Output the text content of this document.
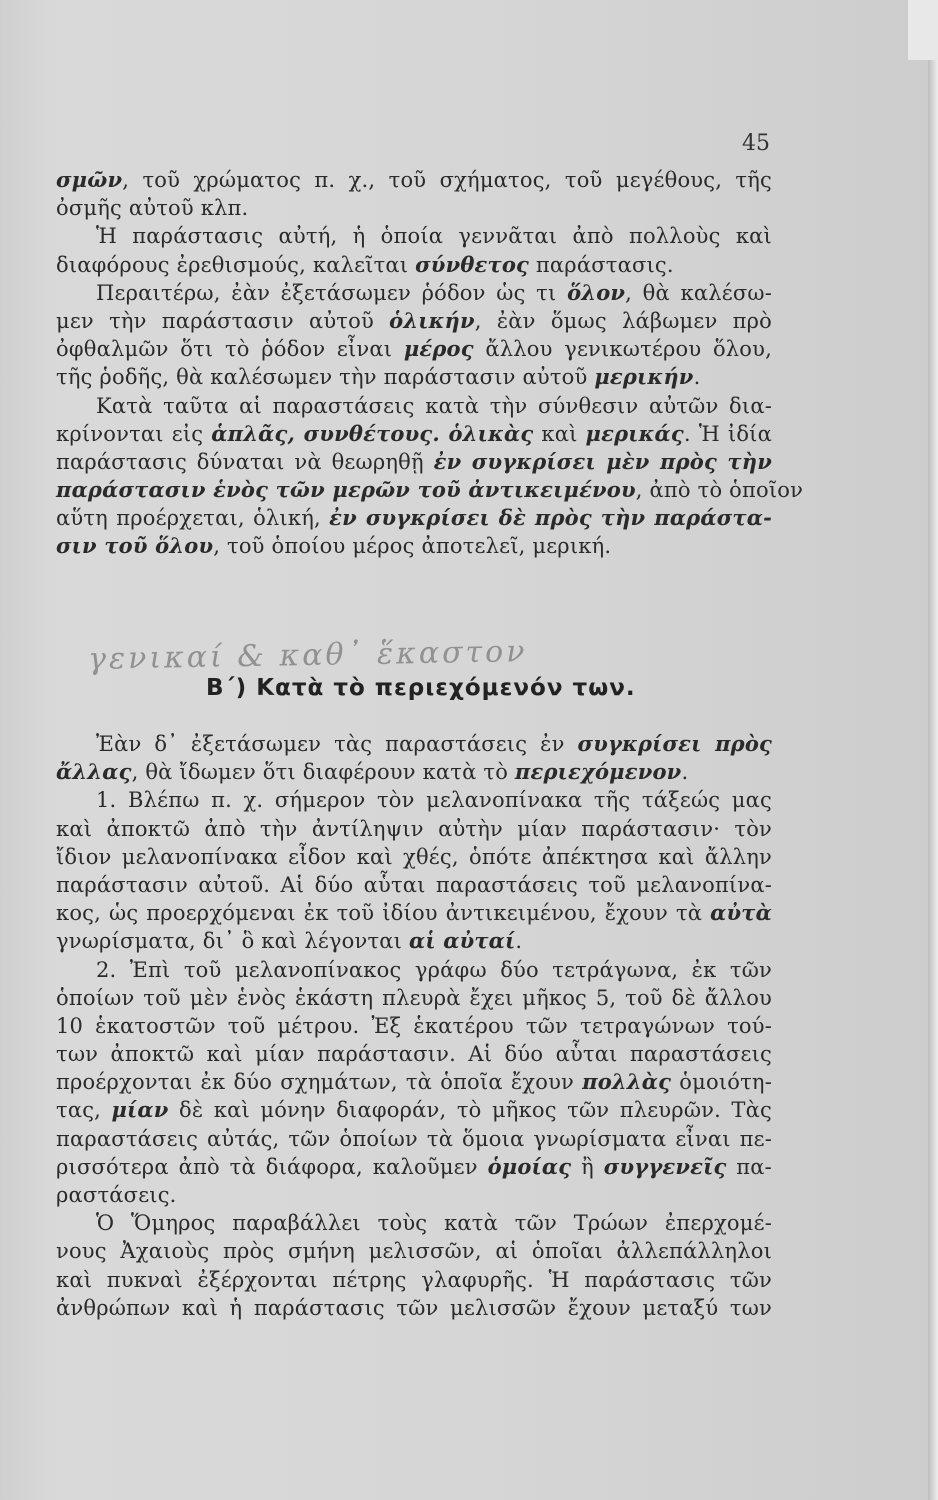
45
σμῶν, τοῦ χρώματος π. χ., τοῦ σχήματος, τοῦ μεγέθους, τῆς
ὀσμῆς αὐτοῦ κλπ.
Ἡ παράστασις αὐτή, ἡ ὁποία γεννᾶται ἀπὸ πολλοὺς καὶ
διαφόρους ἐρεθισμούς, καλεῖται σύνθετος παράστασις.
Περαιτέρω, ἐὰν ἐξετάσωμεν ῥόδον ὡς τι ὅλον, θὰ καλέσω-
μεν τὴν παράστασιν αὐτοῦ ὁλικήν, ἐὰν ὅμως λάβωμεν πρὸ
ὀφθαλμῶν ὅτι τὸ ῥόδον εἶναι μέρος ἄλλου γενικωτέρου ὅλου,
τῆς ῥοδῆς, θὰ καλέσωμεν τὴν παράστασιν αὐτοῦ μερικήν.
Κατὰ ταῦτα αἱ παραστάσεις κατὰ τὴν σύνθεσιν αὐτῶν δια-
κρίνονται εἰς ἁπλᾶς, συνθέτους. ὁλικὰς καὶ μερικάς. Ἡ ἰδία
παράστασις δύναται νὰ θεωρηθῇ ἐν συγκρίσει μὲν πρὸς τὴν
παράστασιν ἑνὸς τῶν μερῶν τοῦ ἀντικειμένου, ἀπὸ τὸ ὁποῖον
αὕτη προέρχεται, ὁλική, ἐν συγκρίσει δὲ πρὸς τὴν παράστα-
σιν τοῦ ὅλου, τοῦ ὁποίου μέρος ἀποτελεῖ, μερική.
γενικαί & καθ᾽ ἕκαστον
Β΄) Κατὰ τὸ περιεχόμενόν των.
Ἐὰν δ᾽ ἐξετάσωμεν τὰς παραστάσεις ἐν συγκρίσει πρὸς
ἄλλας, θὰ ἴδωμεν ὅτι διαφέρουν κατὰ τὸ περιεχόμενον.
1. Βλέπω π. χ. σήμερον τὸν μελανοπίνακα τῆς τάξεώς μας
καὶ ἀποκτῶ ἀπὸ τὴν ἀντίληψιν αὐτὴν μίαν παράστασιν· τὸν
ἴδιον μελανοπίνακα εἶδον καὶ χθές, ὁπότε ἀπέκτησα καὶ ἄλλην
παράστασιν αὐτοῦ. Αἱ δύο αὗται παραστάσεις τοῦ μελανοπίνα-
κος, ὡς προερχόμεναι ἐκ τοῦ ἰδίου ἀντικειμένου, ἔχουν τὰ αὐτὰ
γνωρίσματα, δι᾽ ὃ καὶ λέγονται αἱ αὐταί.
2. Ἐπὶ τοῦ μελανοπίνακος γράφω δύο τετράγωνα, ἐκ τῶν
ὁποίων τοῦ μὲν ἑνὸς ἑκάστη πλευρὰ ἔχει μῆκος 5, τοῦ δὲ ἄλλου
10 ἑκατοστῶν τοῦ μέτρου. Ἐξ ἑκατέρου τῶν τετραγώνων τού-
των ἀποκτῶ καὶ μίαν παράστασιν. Αἱ δύο αὗται παραστάσεις
προέρχονται ἐκ δύο σχημάτων, τὰ ὁποῖα ἔχουν πολλὰς ὁμοιότη-
τας, μίαν δὲ καὶ μόνην διαφοράν, τὸ μῆκος τῶν πλευρῶν. Τὰς
παραστάσεις αὐτάς, τῶν ὁποίων τὰ ὅμοια γνωρίσματα εἶναι πε-
ρισσότερα ἀπὸ τὰ διάφορα, καλοῦμεν ὁμοίας ἢ συγγενεῖς πα-
ραστάσεις.
Ὁ Ὅμηρος παραβάλλει τοὺς κατὰ τῶν Τρώων ἐπερχομέ-
νους Ἀχαιοὺς πρὸς σμήνη μελισσῶν, αἱ ὁποῖαι ἀλλεπάλληλοι
καὶ πυκναὶ ἐξέρχονται πέτρης γλαφυρῆς. Ἡ παράστασις τῶν
ἀνθρώπων καὶ ἡ παράστασις τῶν μελισσῶν ἔχουν μεταξύ των
